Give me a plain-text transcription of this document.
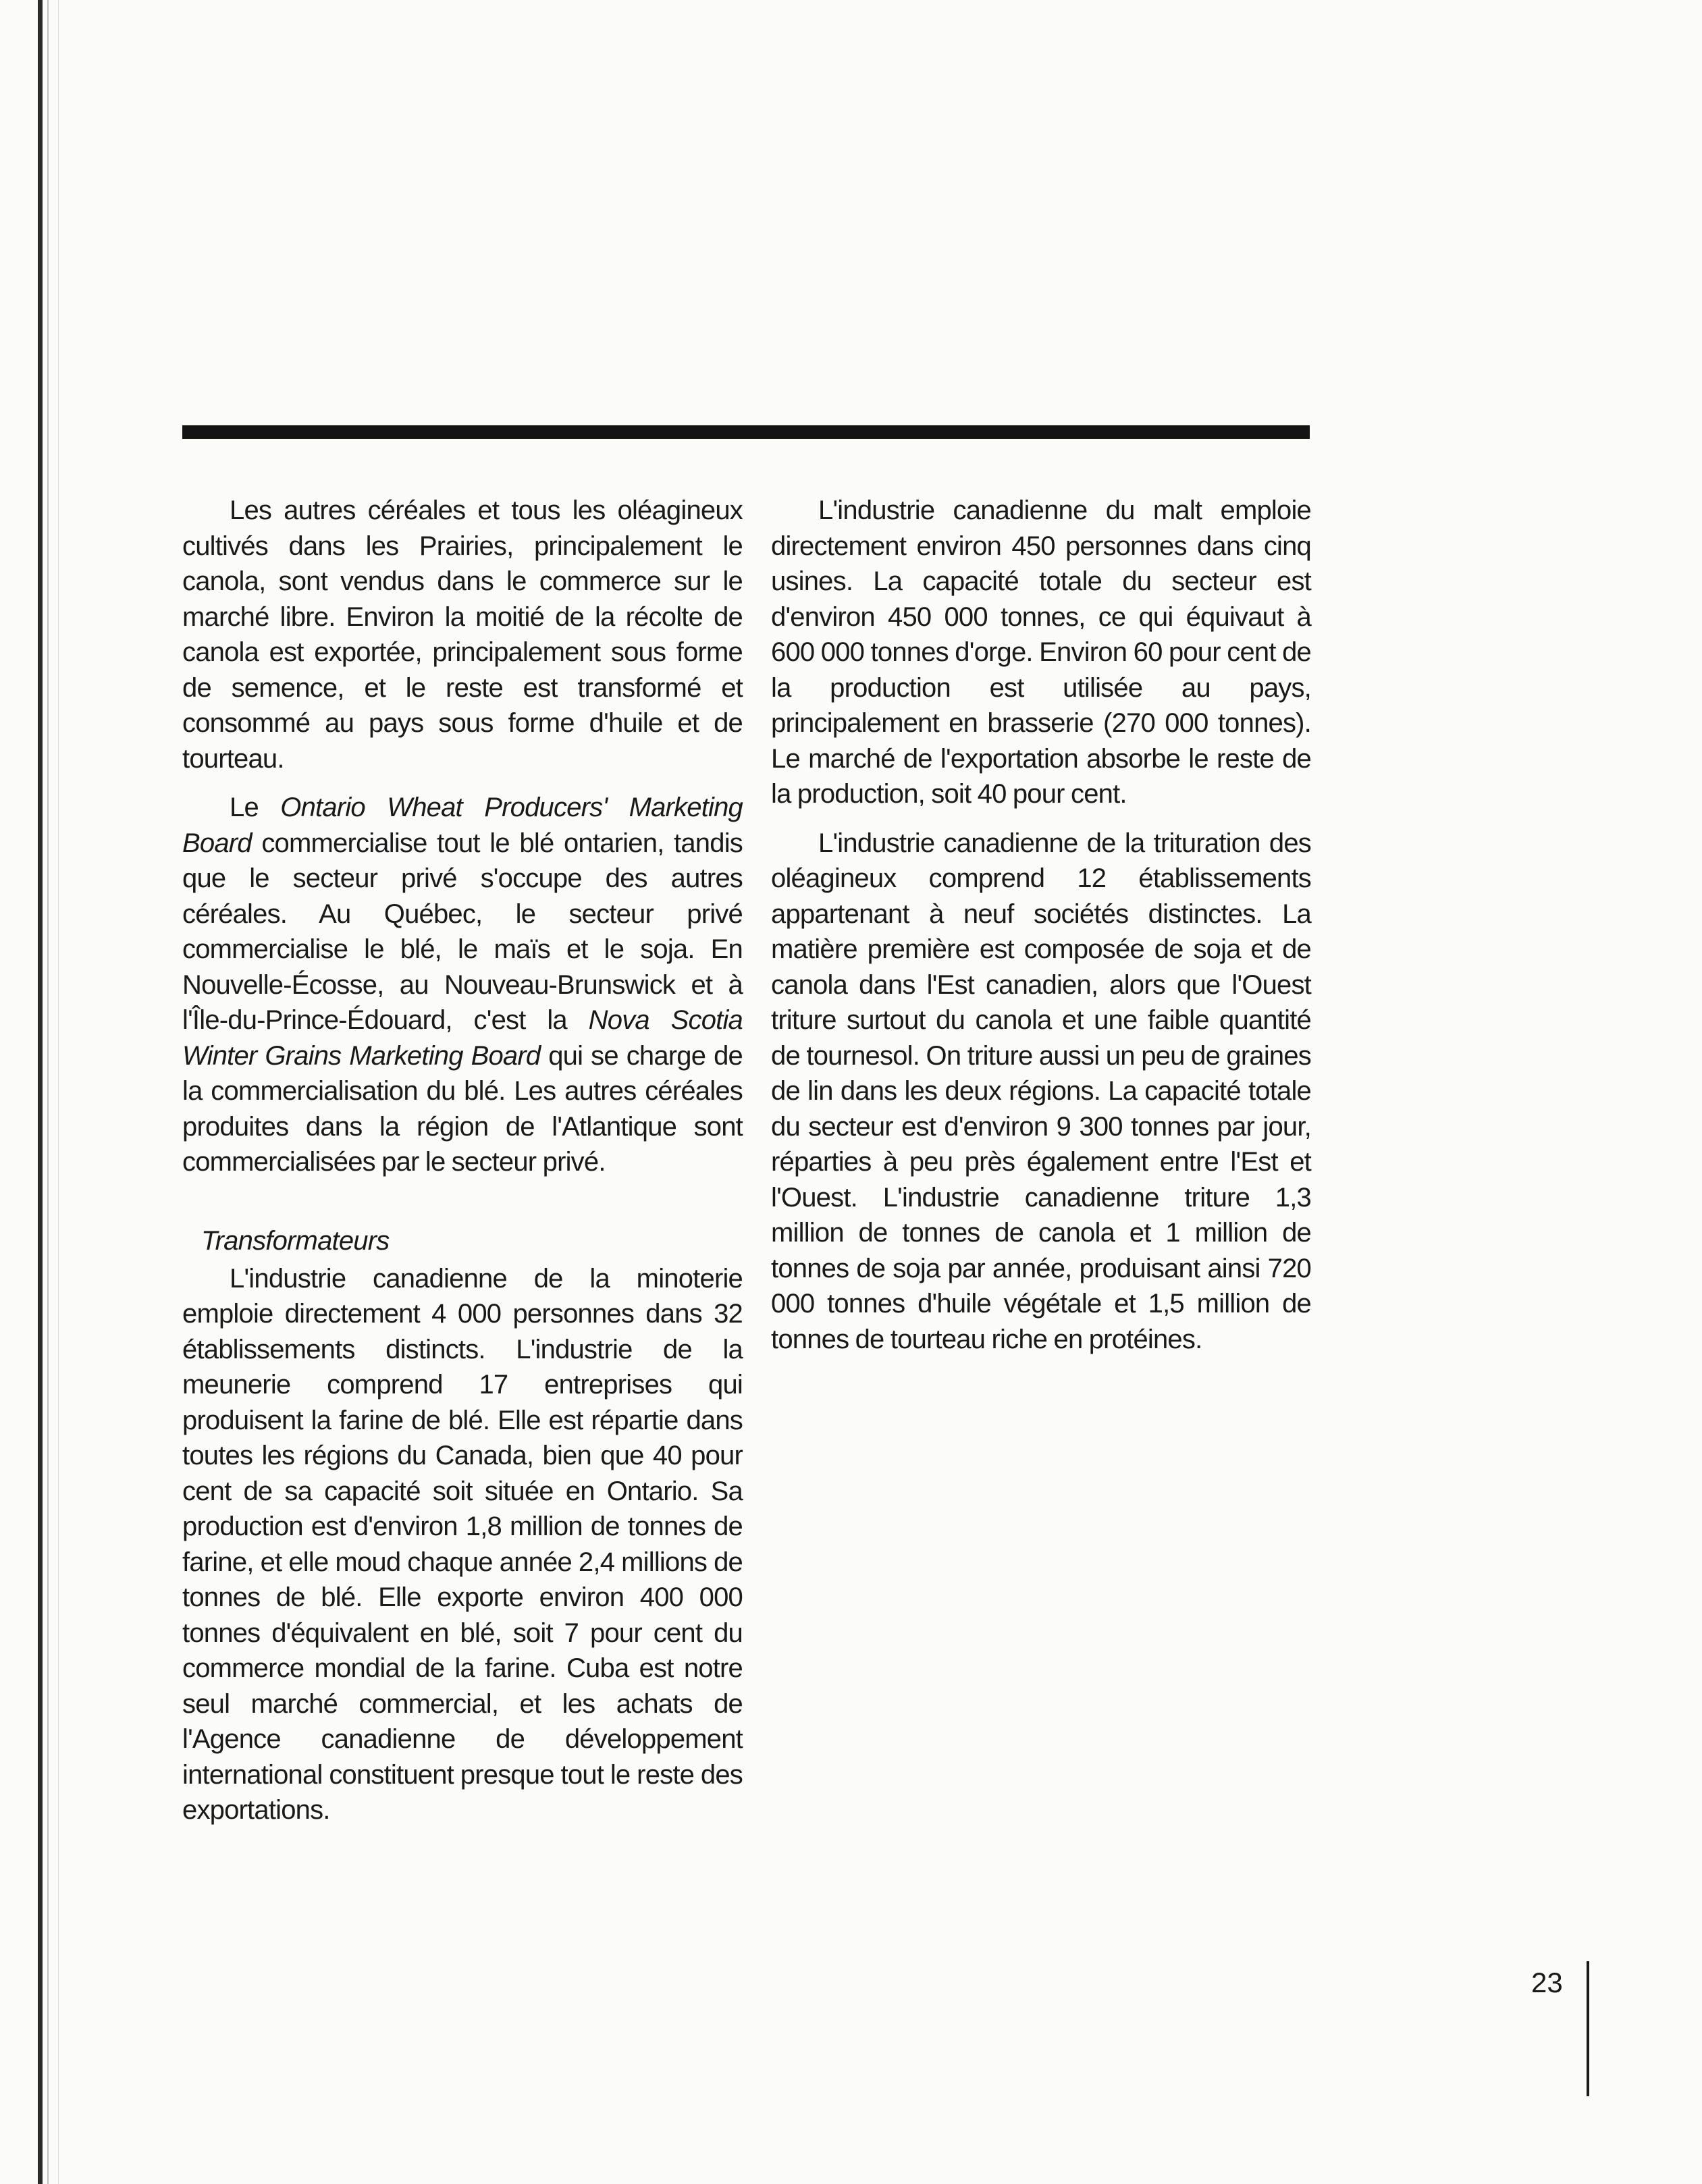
Les autres céréales et tous les oléagineux cultivés dans les Prairies, principalement le canola, sont vendus dans le commerce sur le marché libre. Environ la moitié de la récolte de canola est exportée, principalement sous forme de semence, et le reste est transformé et consommé au pays sous forme d'huile et de tourteau.

Le Ontario Wheat Producers' Marketing Board commercialise tout le blé ontarien, tandis que le secteur privé s'occupe des autres céréales. Au Québec, le secteur privé commercialise le blé, le maïs et le soja. En Nouvelle-Écosse, au Nouveau-Brunswick et à l'Île-du-Prince-Édouard, c'est la Nova Scotia Winter Grains Marketing Board qui se charge de la commercialisation du blé. Les autres céréales produites dans la région de l'Atlantique sont commercialisées par le secteur privé.

Transformateurs

L'industrie canadienne de la minoterie emploie directement 4 000 personnes dans 32 établissements distincts. L'industrie de la meunerie comprend 17 entreprises qui produisent la farine de blé. Elle est répartie dans toutes les régions du Canada, bien que 40 pour cent de sa capacité soit située en Ontario. Sa production est d'environ 1,8 million de tonnes de farine, et elle moud chaque année 2,4 millions de tonnes de blé. Elle exporte environ 400 000 tonnes d'équivalent en blé, soit 7 pour cent du commerce mondial de la farine. Cuba est notre seul marché commercial, et les achats de l'Agence canadienne de développement international constituent presque tout le reste des exportations.

L'industrie canadienne du malt emploie directement environ 450 personnes dans cinq usines. La capacité totale du secteur est d'environ 450 000 tonnes, ce qui équivaut à 600 000 tonnes d'orge. Environ 60 pour cent de la production est utilisée au pays, principalement en brasserie (270 000 tonnes). Le marché de l'exportation absorbe le reste de la production, soit 40 pour cent.

L'industrie canadienne de la trituration des oléagineux comprend 12 établissements appartenant à neuf sociétés distinctes. La matière première est composée de soja et de canola dans l'Est canadien, alors que l'Ouest triture surtout du canola et une faible quantité de tournesol. On triture aussi un peu de graines de lin dans les deux régions. La capacité totale du secteur est d'environ 9 300 tonnes par jour, réparties à peu près également entre l'Est et l'Ouest. L'industrie canadienne triture 1,3 million de tonnes de canola et 1 million de tonnes de soja par année, produisant ainsi 720 000 tonnes d'huile végétale et 1,5 million de tonnes de tourteau riche en protéines.

23
